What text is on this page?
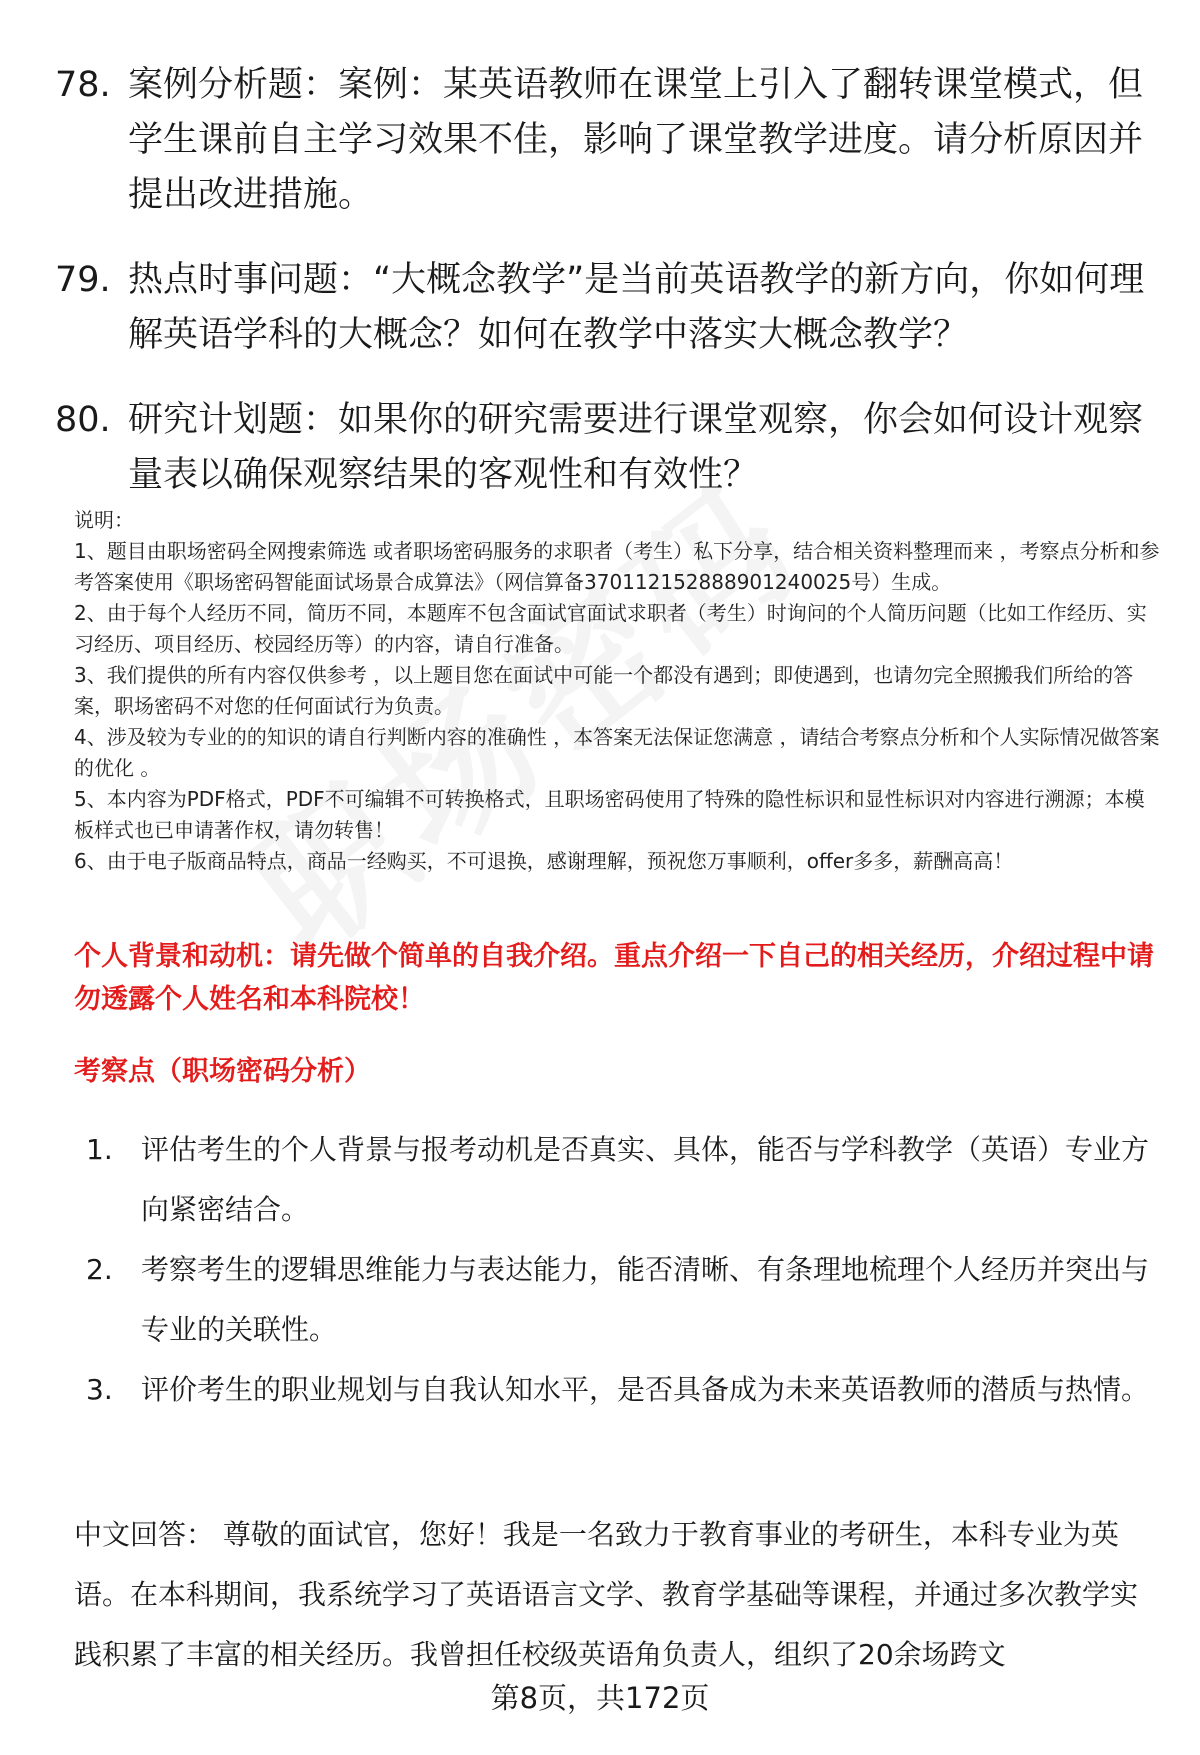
78. 案例分析题：案例：某英语教师在课堂上引入了翻转课堂模式，但学生课前自主学习效果不佳，影响了课堂教学进度。请分析原因并提出改进措施。
79. 热点时事问题：“大概念教学”是当前英语教学的新方向，你如何理解英语学科的大概念？如何在教学中落实大概念教学？
80. 研究计划题：如果你的研究需要进行课堂观察，你会如何设计观察量表以确保观察结果的客观性和有效性？

说明：

1、题目由职场密码全网搜索筛选 或者职场密码服务的求职者（考生）私下分享，结合相关资料整理而来 ，考察点分析和参考答案使用《职场密码智能面试场景合成算法》（网信算备370112152888901240025号）生成。

2、由于每个人经历不同，简历不同，本题库不包含面试官面试求职者（考生）时询问的个人简历问题（比如工作经历、实习经历、项目经历、校园经历等）的内容，请自行准备。

3、我们提供的所有内容仅供参考 ，以上题目您在面试中可能一个都没有遇到；即使遇到，也请勿完全照搬我们所给的答案，职场密码不对您的任何面试行为负责。

4、涉及较为专业的的知识的请自行判断内容的准确性 ，本答案无法保证您满意 ，请结合考察点分析和个人实际情况做答案的优化 。

5、本内容为PDF格式，PDF不可编辑不可转换格式，且职场密码使用了特殊的隐性标识和显性标识对内容进行溯源；本模板样式也已申请著作权，请勿转售！

6、由于电子版商品特点，商品一经购买，不可退换，感谢理解，预祝您万事顺利，offer多多，薪酬高高！

个人背景和动机：请先做个简单的自我介绍。重点介绍一下自己的相关经历，介绍过程中请勿透露个人姓名和本科院校！
考察点（职场密码分析）
1.	评估考生的个人背景与报考动机是否真实、具体，能否与学科教学（英语）专业方向紧密结合。
2.	考察考生的逻辑思维能力与表达能力，能否清晰、有条理地梳理个人经历并突出与专业的关联性。
3.	评价考生的职业规划与自我认知水平，是否具备成为未来英语教师的潜质与热情。
中文回答： 尊敬的面试官，您好！我是一名致力于教育事业的考研生，本科专业为英语。在本科期间，我系统学习了英语语言文学、教育学基础等课程，并通过多次教学实践积累了丰富的相关经历。我曾担任校级英语角负责人，组织了20余场跨文
第8页，共172页
